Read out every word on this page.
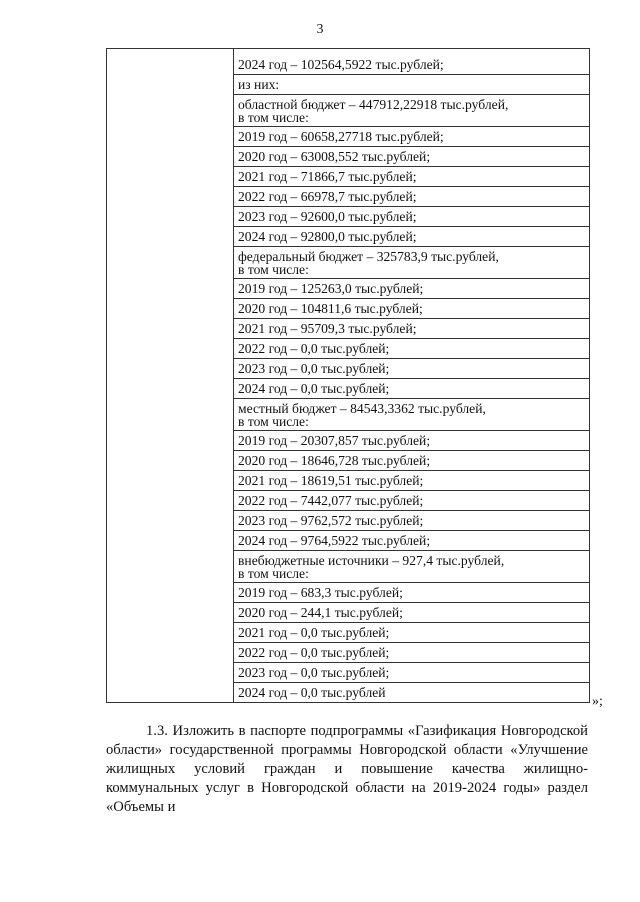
3
2024 год – 102564,5922 тыс.рублей;
из них:
областной бюджет – 447912,22918 тыс.рублей,
в том числе:
2019 год – 60658,27718 тыс.рублей;
2020 год – 63008,552 тыс.рублей;
2021 год – 71866,7 тыс.рублей;
2022 год – 66978,7 тыс.рублей;
2023 год – 92600,0 тыс.рублей;
2024 год – 92800,0 тыс.рублей;
федеральный бюджет – 325783,9 тыс.рублей,
в том числе:
2019 год – 125263,0 тыс.рублей;
2020 год – 104811,6 тыс.рублей;
2021 год – 95709,3 тыс.рублей;
2022 год – 0,0 тыс.рублей;
2023 год – 0,0 тыс.рублей;
2024 год – 0,0 тыс.рублей;
местный бюджет – 84543,3362 тыс.рублей,
в том числе:
2019 год – 20307,857 тыс.рублей;
2020 год – 18646,728 тыс.рублей;
2021 год – 18619,51 тыс.рублей;
2022 год – 7442,077 тыс.рублей;
2023 год – 9762,572 тыс.рублей;
2024 год – 9764,5922 тыс.рублей;
внебюджетные источники – 927,4 тыс.рублей,
в том числе:
2019 год – 683,3 тыс.рублей;
2020 год – 244,1 тыс.рублей;
2021 год – 0,0 тыс.рублей;
2022 год – 0,0 тыс.рублей;
2023 год – 0,0 тыс.рублей;
2024 год – 0,0 тыс.рублей
»;
1.3. Изложить в паспорте подпрограммы «Газификация Новгородской области» государственной программы Новгородской области «Улучшение жилищных условий граждан и повышение качества жилищно-коммунальных услуг в Новгородской области на 2019-2024 годы» раздел «Объемы и
